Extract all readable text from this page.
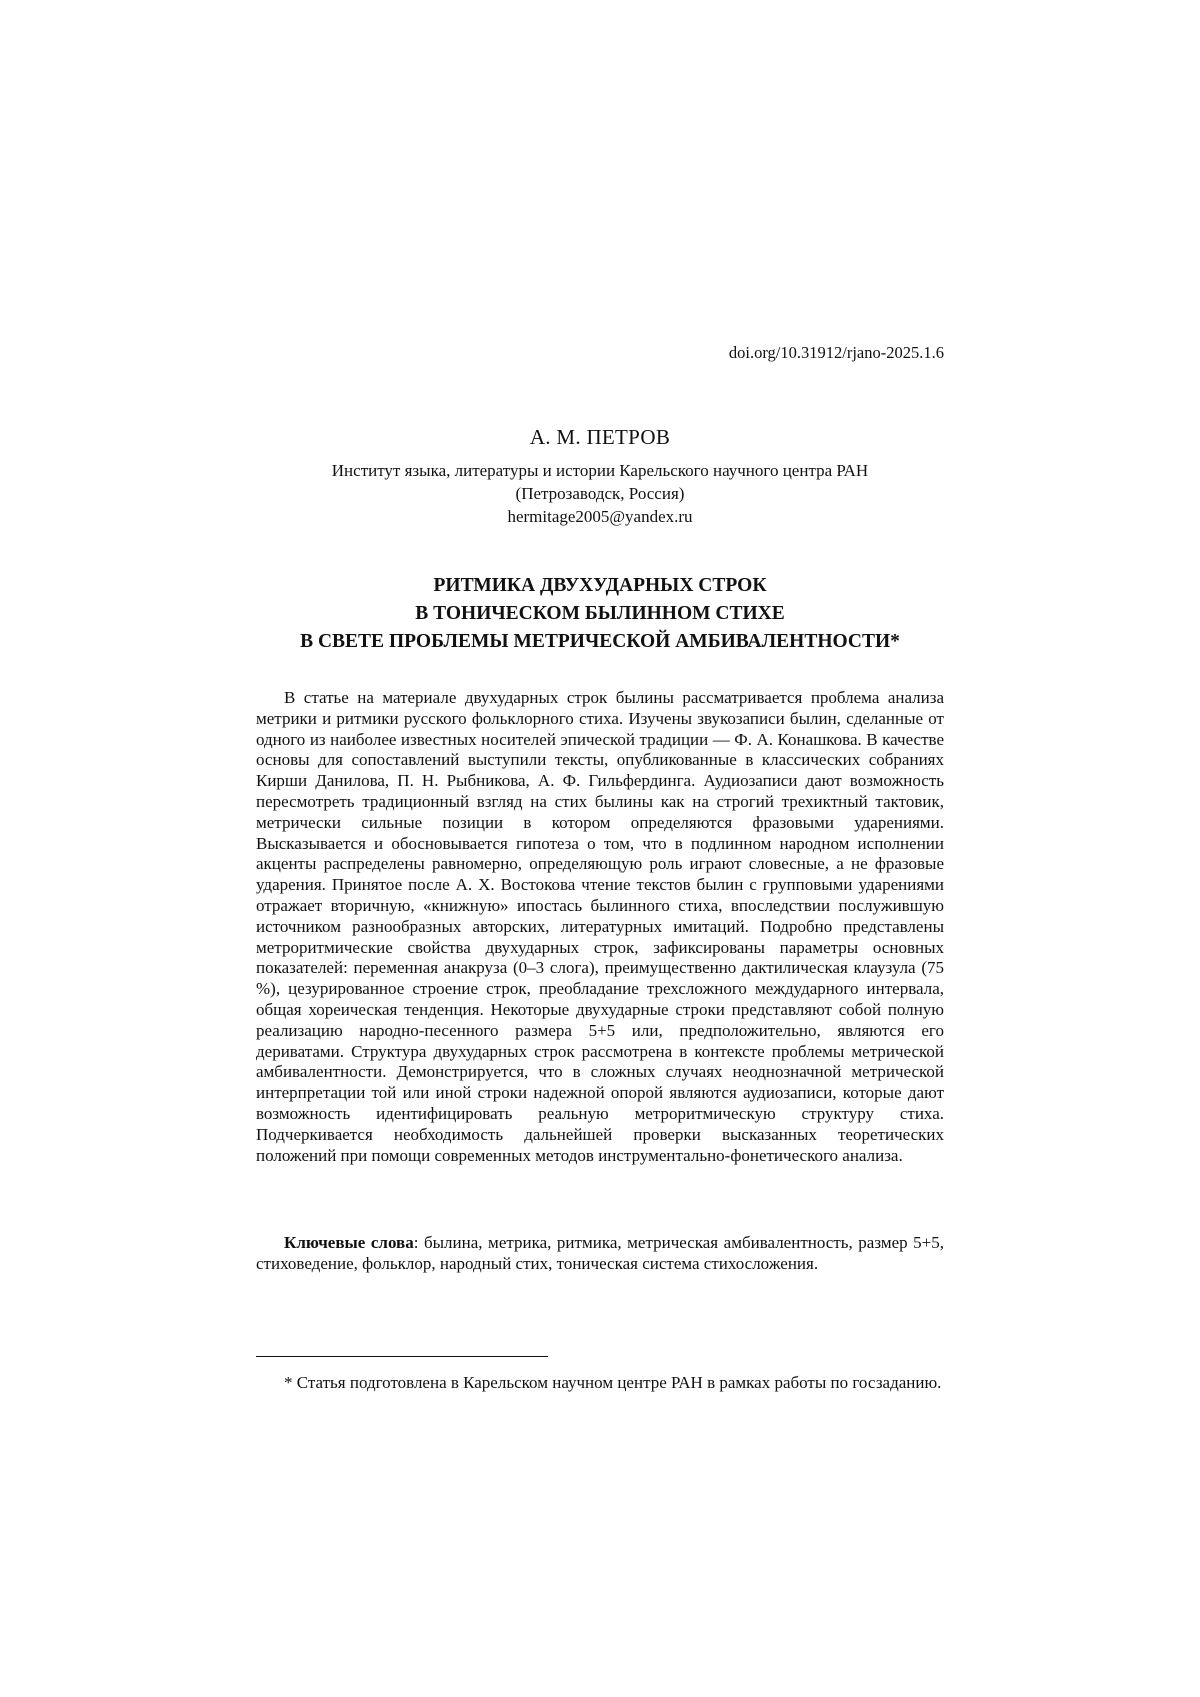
doi.org/10.31912/rjano-2025.1.6

А. М. ПЕТРОВ

Институт языка, литературы и истории Карельского научного центра РАН
(Петрозаводск, Россия)
hermitage2005@yandex.ru
РИТМИКА ДВУХУДАРНЫХ СТРОК
В ТОНИЧЕСКОМ БЫЛИННОМ СТИХЕ
В СВЕТЕ ПРОБЛЕМЫ МЕТРИЧЕСКОЙ АМБИВАЛЕНТНОСТИ*

В статье на материале двухударных строк былины рассматривается проблема анализа метрики и ритмики русского фольклорного стиха. Изучены звукозаписи былин, сделанные от одного из наиболее известных носителей эпической традиции — Ф. А. Конашкова. В качестве основы для сопоставлений выступили тексты, опубликованные в классических собраниях Кирши Данилова, П. Н. Рыбникова, А. Ф. Гильфердинга. Аудиозаписи дают возможность пересмотреть традиционный взгляд на стих былины как на строгий трехиктный тактовик, метрически сильные позиции в котором определяются фразовыми ударениями. Высказывается и обосновывается гипотеза о том, что в подлинном народном исполнении акценты распределены равномерно, определяющую роль играют словесные, а не фразовые ударения. Принятое после А. Х. Востокова чтение текстов былин с групповыми ударениями отражает вторичную, «книжную» ипостась былинного стиха, впоследствии послужившую источником разнообразных авторских, литературных имитаций. Подробно представлены метроритмические свойства двухударных строк, зафиксированы параметры основных показателей: переменная анакруза (0–3 слога), преимущественно дактилическая клаузула (75 %), цезурированное строение строк, преобладание трехсложного междударного интервала, общая хореическая тенденция. Некоторые двухударные строки представляют собой полную реализацию народно-песенного размера 5+5 или, предположительно, являются его дериватами. Структура двухударных строк рассмотрена в контексте проблемы метрической амбивалентности. Демонстрируется, что в сложных случаях неоднозначной метрической интерпретации той или иной строки надежной опорой являются аудиозаписи, которые дают возможность идентифицировать реальную метроритмическую структуру стиха. Подчеркивается необходимость дальнейшей проверки высказанных теоретических положений при помощи современных методов инструментально-фонетического анализа.

Ключевые слова: былина, метрика, ритмика, метрическая амбивалентность, размер 5+5, стиховедение, фольклор, народный стих, тоническая система стихосложения.

* Статья подготовлена в Карельском научном центре РАН в рамках работы по госзаданию.
